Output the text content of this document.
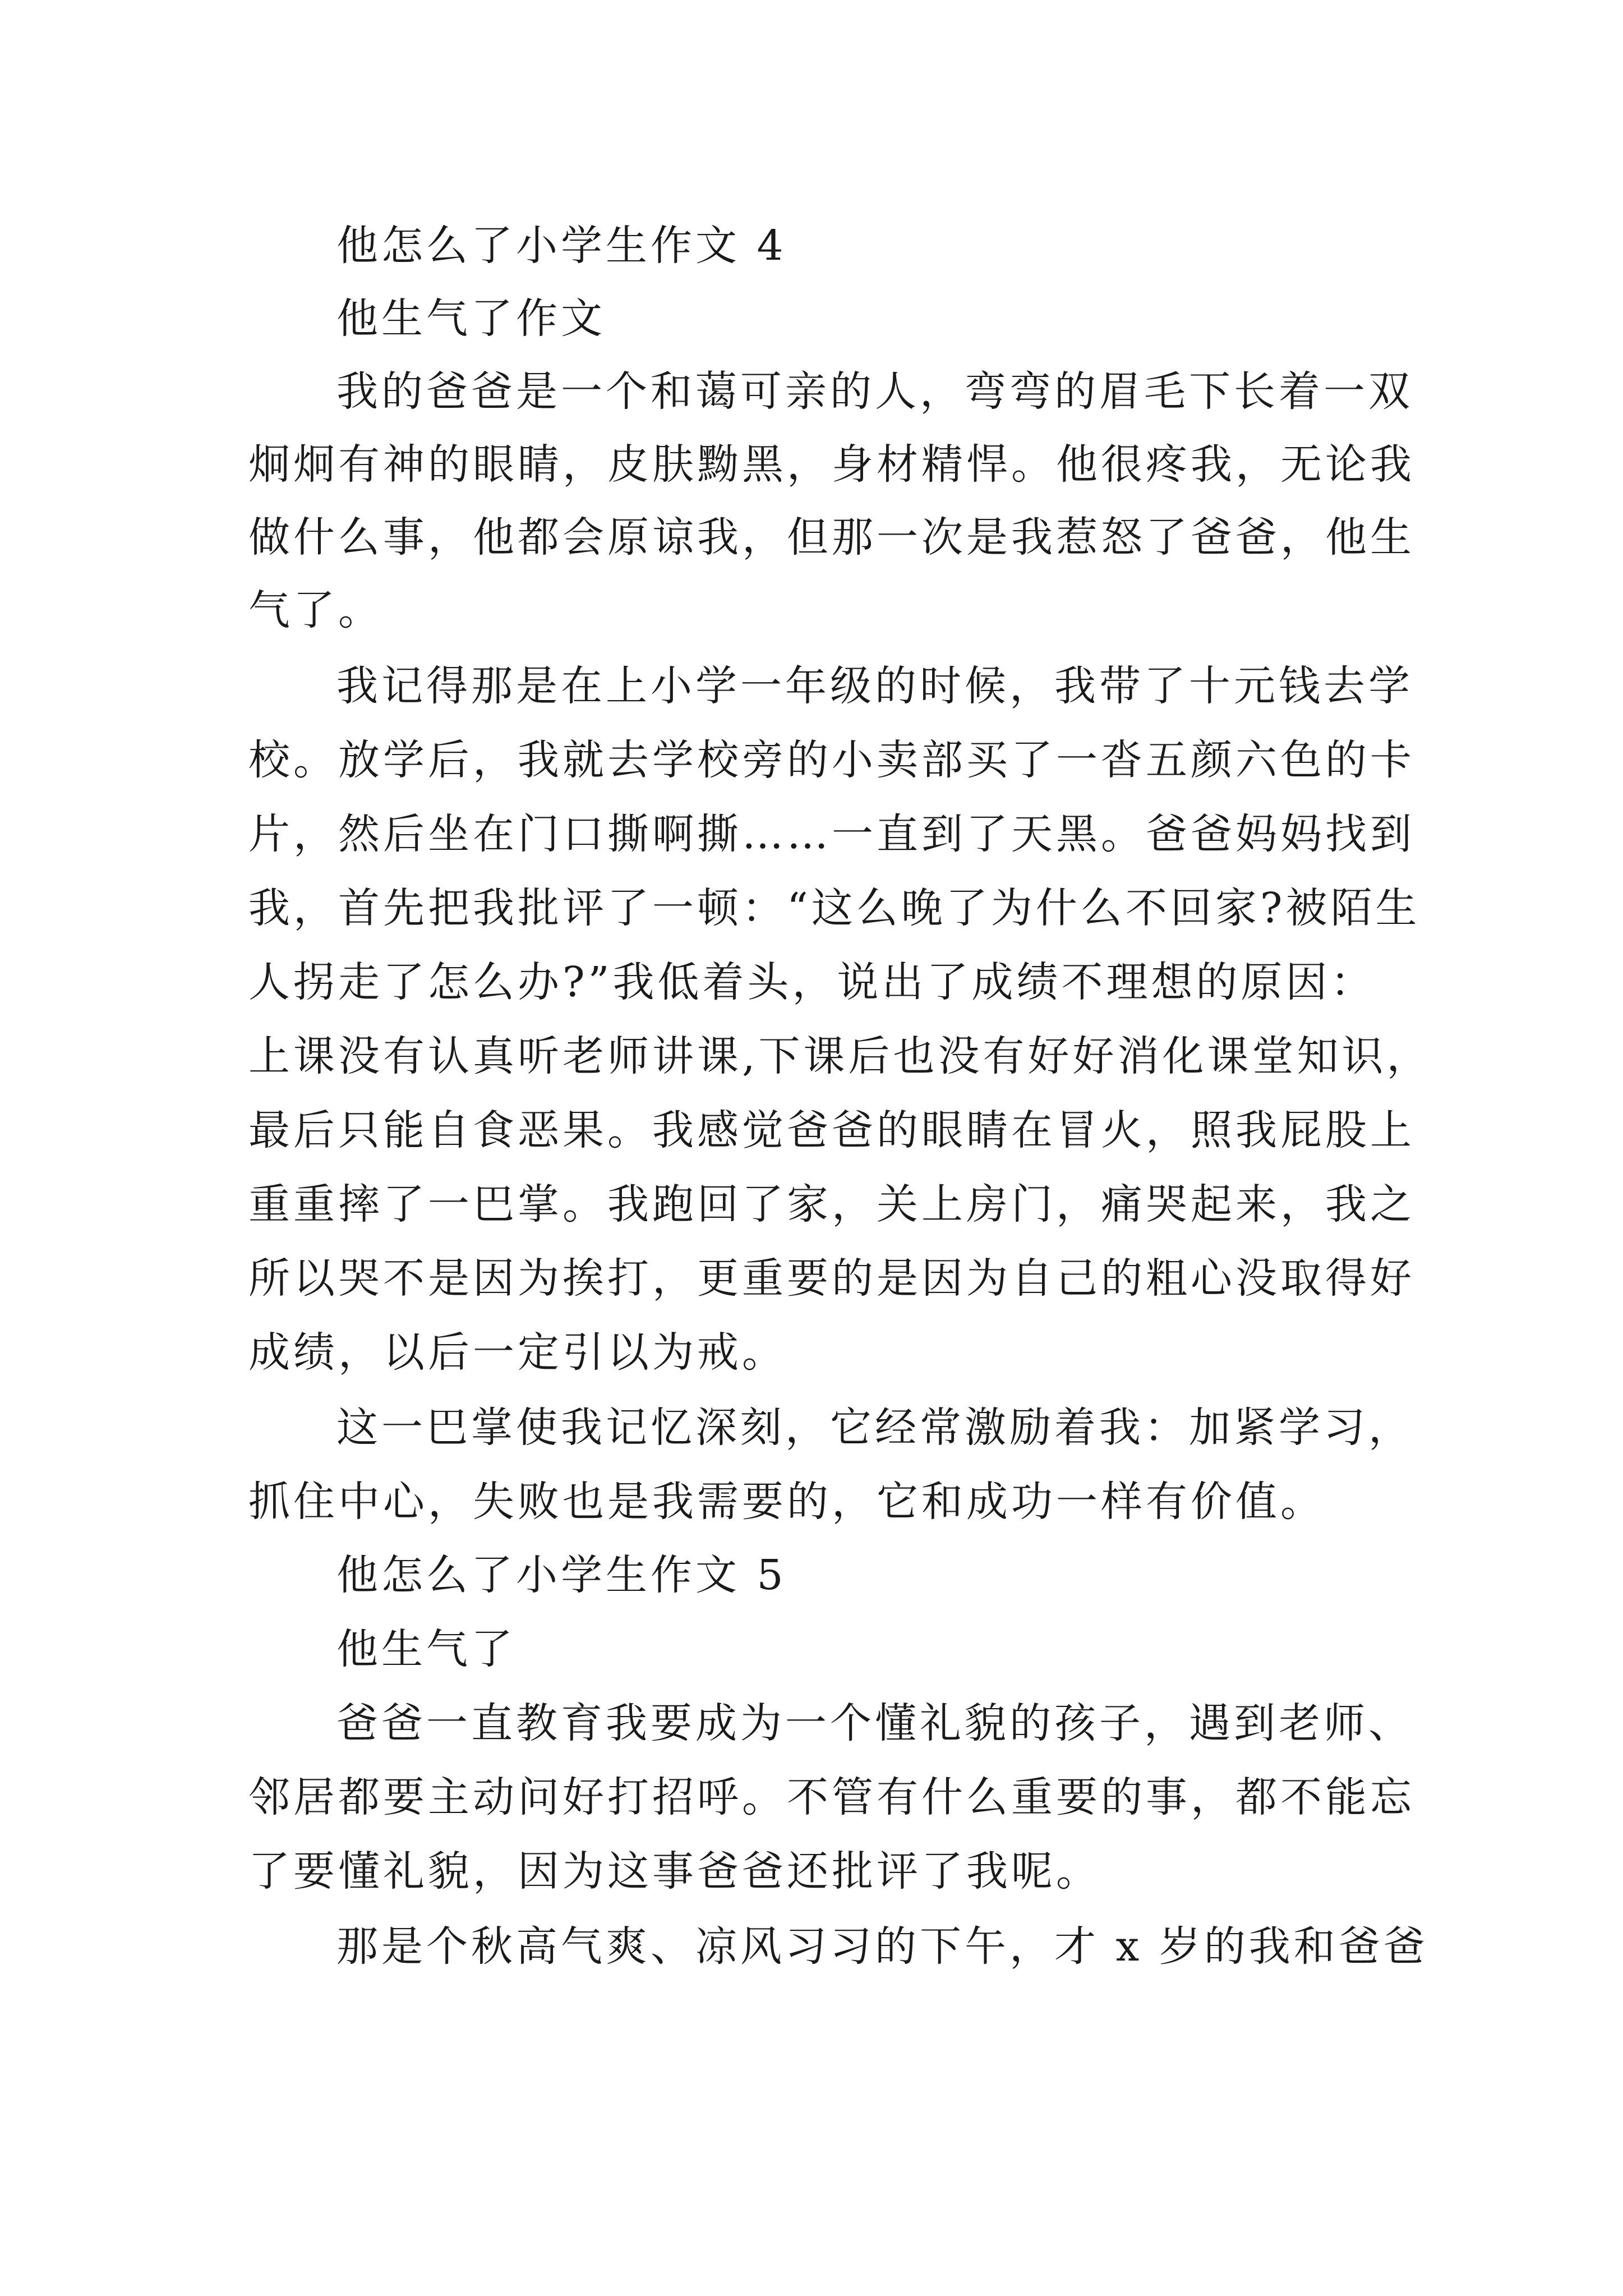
他怎么了小学生作文 4

他生气了作文

我的爸爸是一个和蔼可亲的人，弯弯的眉毛下长着一双

炯炯有神的眼睛，皮肤黝黑，身材精悍。他很疼我，无论我

做什么事，他都会原谅我，但那一次是我惹怒了爸爸，他生

气了。

我记得那是在上小学一年级的时候，我带了十元钱去学

校。放学后，我就去学校旁的小卖部买了一沓五颜六色的卡

片，然后坐在门口撕啊撕……一直到了天黑。爸爸妈妈找到

我，首先把我批评了一顿：“这么晚了为什么不回家?被陌生

人拐走了怎么办?”我低着头，说出了成绩不理想的原因：

上课没有认真听老师讲课,下课后也没有好好消化课堂知识，

最后只能自食恶果。我感觉爸爸的眼睛在冒火，照我屁股上

重重摔了一巴掌。我跑回了家，关上房门，痛哭起来，我之

所以哭不是因为挨打，更重要的是因为自己的粗心没取得好

成绩，以后一定引以为戒。

这一巴掌使我记忆深刻，它经常激励着我：加紧学习，

抓住中心，失败也是我需要的，它和成功一样有价值。

他怎么了小学生作文 5

他生气了

爸爸一直教育我要成为一个懂礼貌的孩子，遇到老师、

邻居都要主动问好打招呼。不管有什么重要的事，都不能忘

了要懂礼貌，因为这事爸爸还批评了我呢。

那是个秋高气爽、凉风习习的下午，才 x 岁的我和爸爸
